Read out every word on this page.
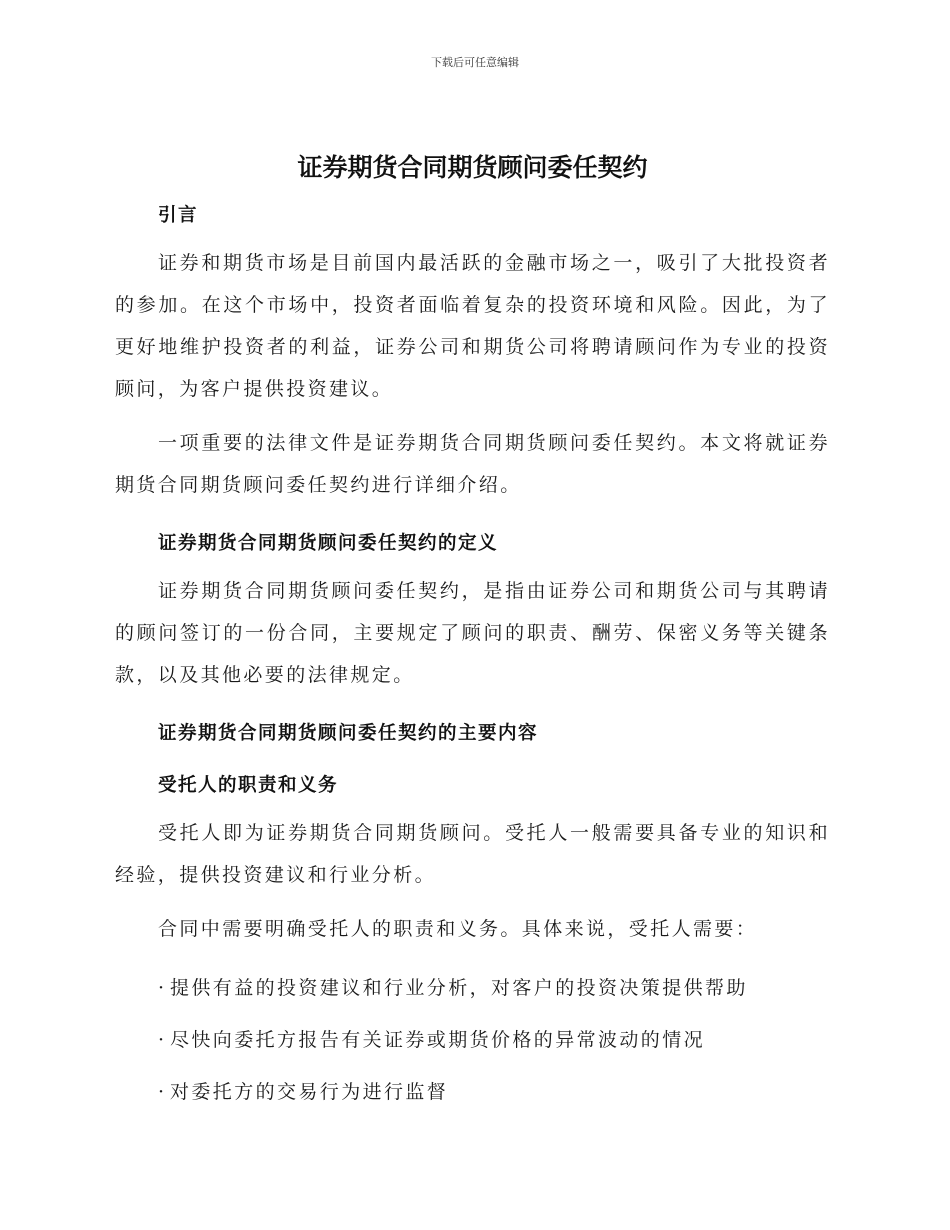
下载后可任意编辑
证券期货合同期货顾问委任契约
引言

证券和期货市场是目前国内最活跃的金融市场之一，吸引了大批投资者的参加。在这个市场中，投资者面临着复杂的投资环境和风险。因此，为了更好地维护投资者的利益，证券公司和期货公司将聘请顾问作为专业的投资顾问，为客户提供投资建议。

一项重要的法律文件是证券期货合同期货顾问委任契约。本文将就证券期货合同期货顾问委任契约进行详细介绍。

证券期货合同期货顾问委任契约的定义

证券期货合同期货顾问委任契约，是指由证券公司和期货公司与其聘请的顾问签订的一份合同，主要规定了顾问的职责、酬劳、保密义务等关键条款，以及其他必要的法律规定。

证券期货合同期货顾问委任契约的主要内容
受托人的职责和义务

受托人即为证券期货合同期货顾问。受托人一般需要具备专业的知识和经验，提供投资建议和行业分析。

合同中需要明确受托人的职责和义务。具体来说，受托人需要：

· 提供有益的投资建议和行业分析，对客户的投资决策提供帮助

· 尽快向委托方报告有关证券或期货价格的异常波动的情况

· 对委托方的交易行为进行监督
